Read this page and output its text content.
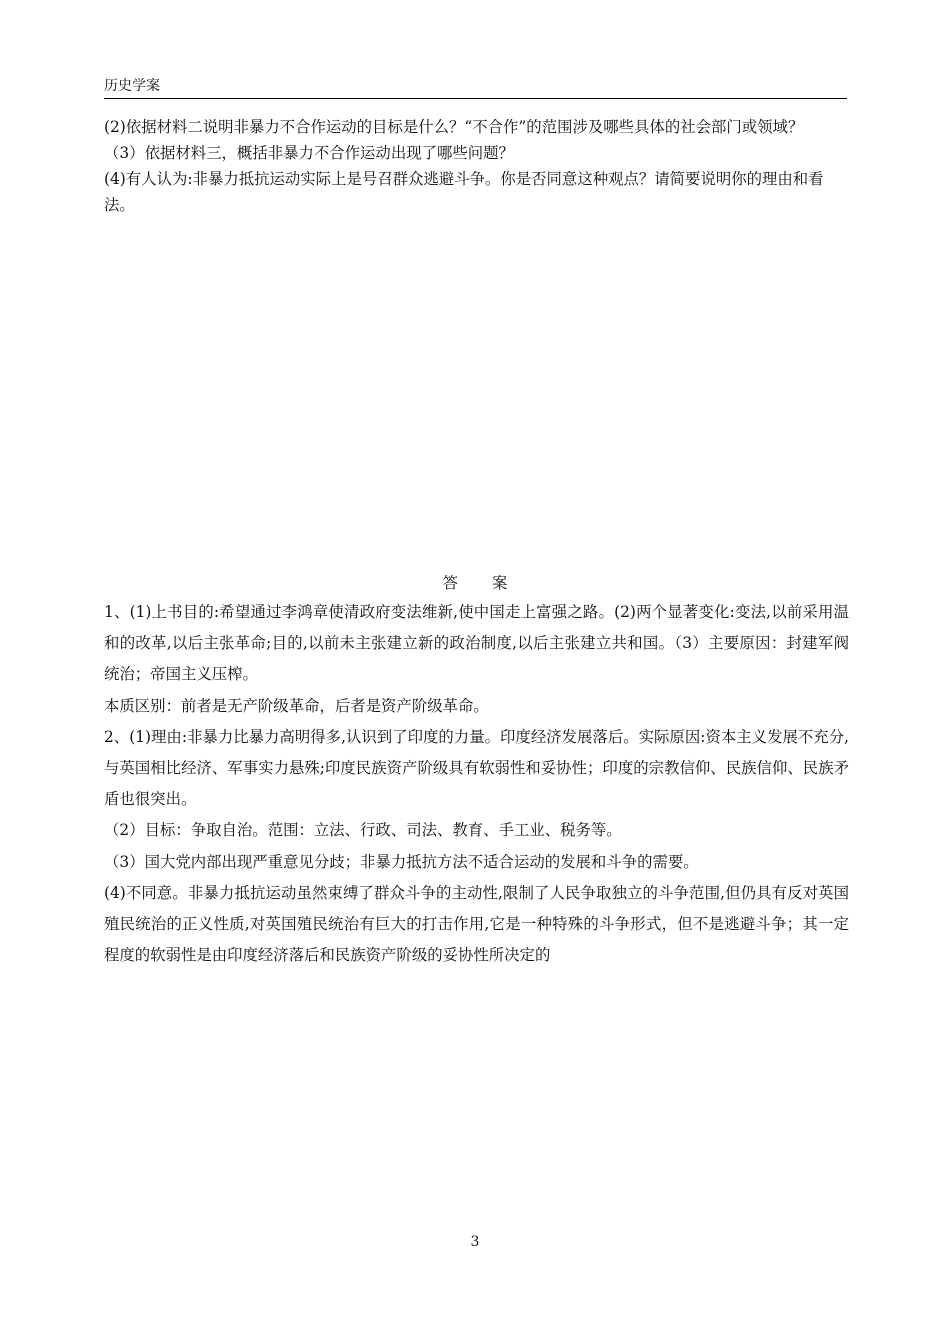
历史学案

(2)依据材料二说明非暴力不合作运动的目标是什么？“不合作”的范围涉及哪些具体的社会部门或领域？

（3）依据材料三，概括非暴力不合作运动出现了哪些问题？

(4)有人认为:非暴力抵抗运动实际上是号召群众逃避斗争。你是否同意这种观点？请简要说明你的理由和看法。

答 案

1、(1)上书目的:希望通过李鸿章使清政府变法维新,使中国走上富强之路。(2)两个显著变化:变法,以前采用温和的改革,以后主张革命;目的,以前未主张建立新的政治制度,以后主张建立共和国。（3）主要原因：封建军阀统治；帝国主义压榨。

本质区别：前者是无产阶级革命，后者是资产阶级革命。

2、(1)理由:非暴力比暴力高明得多,认识到了印度的力量。印度经济发展落后。实际原因:资本主义发展不充分,与英国相比经济、军事实力悬殊;印度民族资产阶级具有软弱性和妥协性；印度的宗教信仰、民族信仰、民族矛盾也很突出。

（2）目标：争取自治。范围：立法、行政、司法、教育、手工业、税务等。

（3）国大党内部出现严重意见分歧；非暴力抵抗方法不适合运动的发展和斗争的需要。

(4)不同意。非暴力抵抗运动虽然束缚了群众斗争的主动性,限制了人民争取独立的斗争范围,但仍具有反对英国殖民统治的正义性质,对英国殖民统治有巨大的打击作用,它是一种特殊的斗争形式，但不是逃避斗争；其一定程度的软弱性是由印度经济落后和民族资产阶级的妥协性所决定的

3
